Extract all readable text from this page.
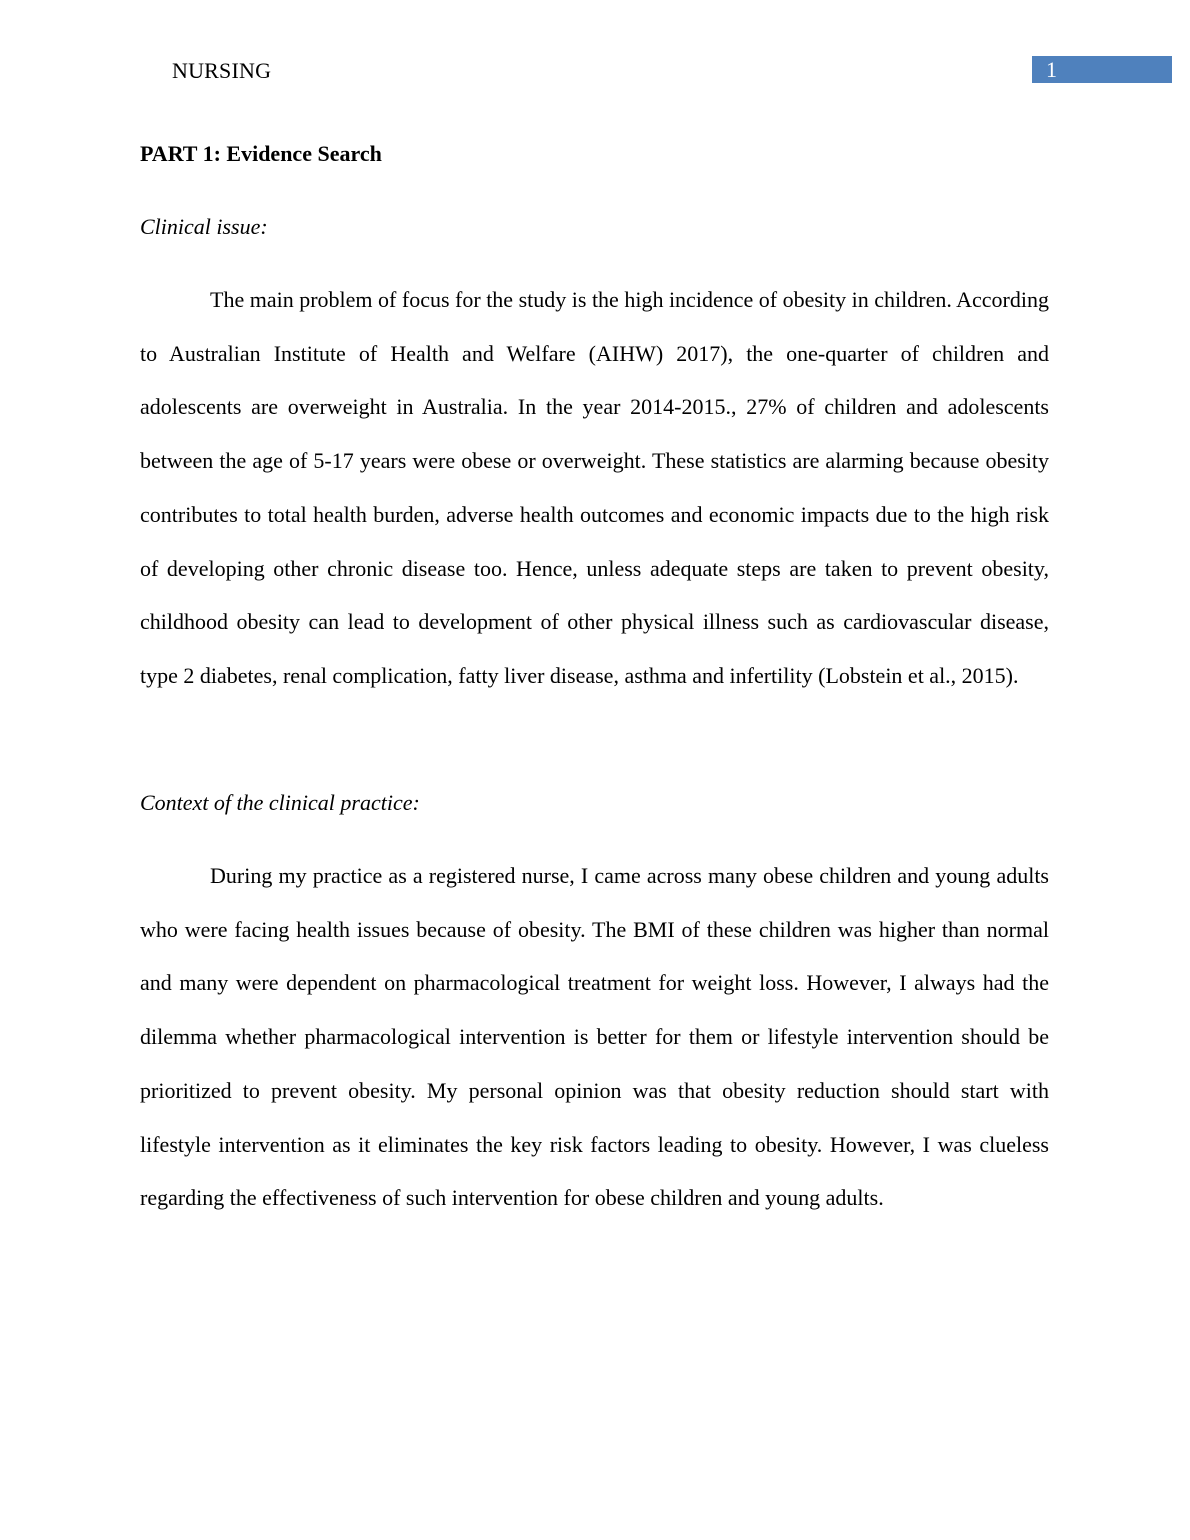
NURSING	1
PART 1: Evidence Search
Clinical issue:

The main problem of focus for the study is the high incidence of obesity in children. According to Australian Institute of Health and Welfare (AIHW) 2017), the one-quarter of children and adolescents are overweight in Australia. In the year 2014-2015., 27% of children and adolescents between the age of 5-17 years were obese or overweight. These statistics are alarming because obesity contributes to total health burden, adverse health outcomes and economic impacts due to the high risk of developing other chronic disease too. Hence, unless adequate steps are taken to prevent obesity, childhood obesity can lead to development of other physical illness such as cardiovascular disease, type 2 diabetes, renal complication, fatty liver disease, asthma and infertility (Lobstein et al., 2015).

Context of the clinical practice:

During my practice as a registered nurse, I came across many obese children and young adults who were facing health issues because of obesity. The BMI of these children was higher than normal and many were dependent on pharmacological treatment for weight loss. However, I always had the dilemma whether pharmacological intervention is better for them or lifestyle intervention should be prioritized to prevent obesity. My personal opinion was that obesity reduction should start with lifestyle intervention as it eliminates the key risk factors leading to obesity. However, I was clueless regarding the effectiveness of such intervention for obese children and young adults.
